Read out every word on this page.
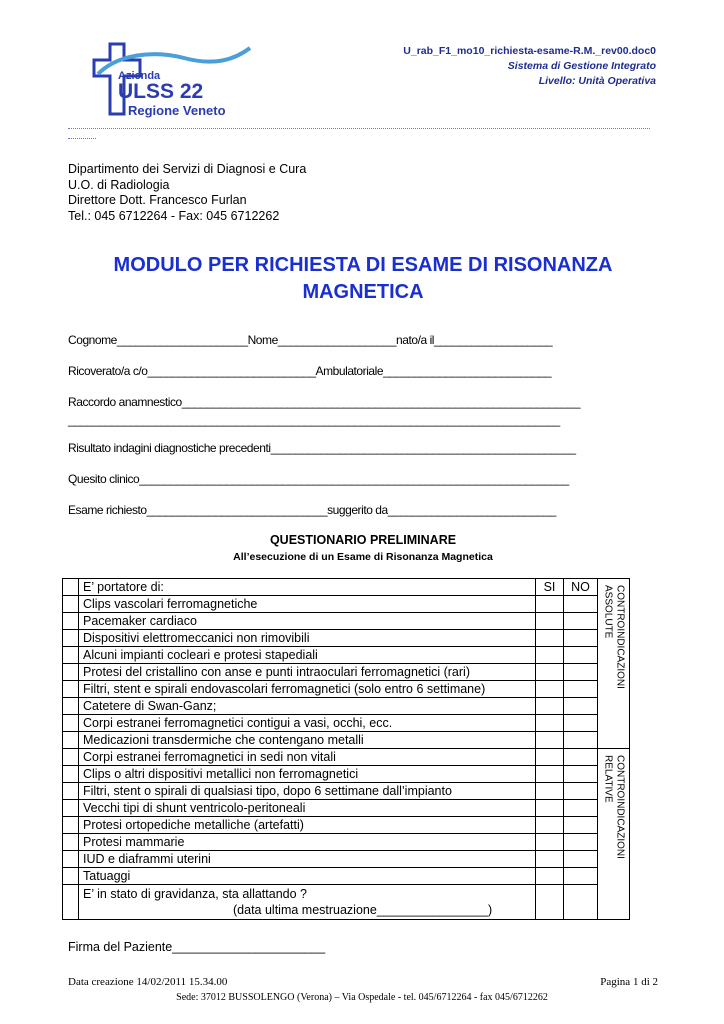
Azienda
ULSS 22
Regione Veneto
U_rab_F1_mo10_richiesta-esame-R.M._rev00.doc0
Sistema di Gestione Integrato
Livello: Unità Operativa
Dipartimento dei Servizi di Diagnosi e Cura
U.O. di Radiologia
Direttore Dott. Francesco Furlan
Tel.: 045 6712264 - Fax: 045 6712262
MODULO PER RICHIESTA DI ESAME DI RISONANZA
MAGNETICA
Cognome_____________________Nome___________________nato/a il___________________
Ricoverato/a c/o___________________________Ambulatoriale___________________________
Raccordo anamnestico________________________________________________________________
_______________________________________________________________________________
Risultato indagini diagnostiche precedenti_________________________________________________
Quesito clinico_____________________________________________________________________
Esame richiesto_____________________________suggerito da___________________________
QUESTIONARIO PRELIMINARE
All’esecuzione di un Esame di Risonanza Magnetica
	E’ portatore di:	SI	NO	CONTROINDICAZIONI
ASSOLUTE

	Clips vascolari ferromagnetiche			
	Pacemaker cardiaco			
	Dispositivi elettromeccanici non rimovibili			
	Alcuni impianti cocleari e protesi stapediali			
	Protesi del cristallino con anse e punti intraoculari ferromagnetici (rari)			
	Filtri, stent e spirali endovascolari ferromagnetici (solo entro 6 settimane)			
	Catetere di Swan-Ganz;			
	Corpi estranei ferromagnetici contigui a vasi, occhi, ecc.			
	Medicazioni transdermiche che contengano metalli			
	Corpi estranei ferromagnetici in sedi non vitali			CONTROINDICAZIONI
RELATIVE

	Clips o altri dispositivi metallici non ferromagnetici			
	Filtri, stent o spirali di qualsiasi tipo, dopo 6 settimane dall’impianto			
	Vecchi tipi di shunt ventricolo-peritoneali			
	Protesi ortopediche metalliche (artefatti)			
	Protesi mammarie			
	IUD e diaframmi uterini			
	Tatuaggi			

	E’ in stato di gravidanza, sta allattando ?
(data ultima mestruazione________________)			

Firma del Paziente______________________
Data creazione 14/02/2011 15.34.00	Pagina 1 di 2
Sede: 37012 BUSSOLENGO (Verona) – Via Ospedale - tel. 045/6712264 - fax 045/6712262
